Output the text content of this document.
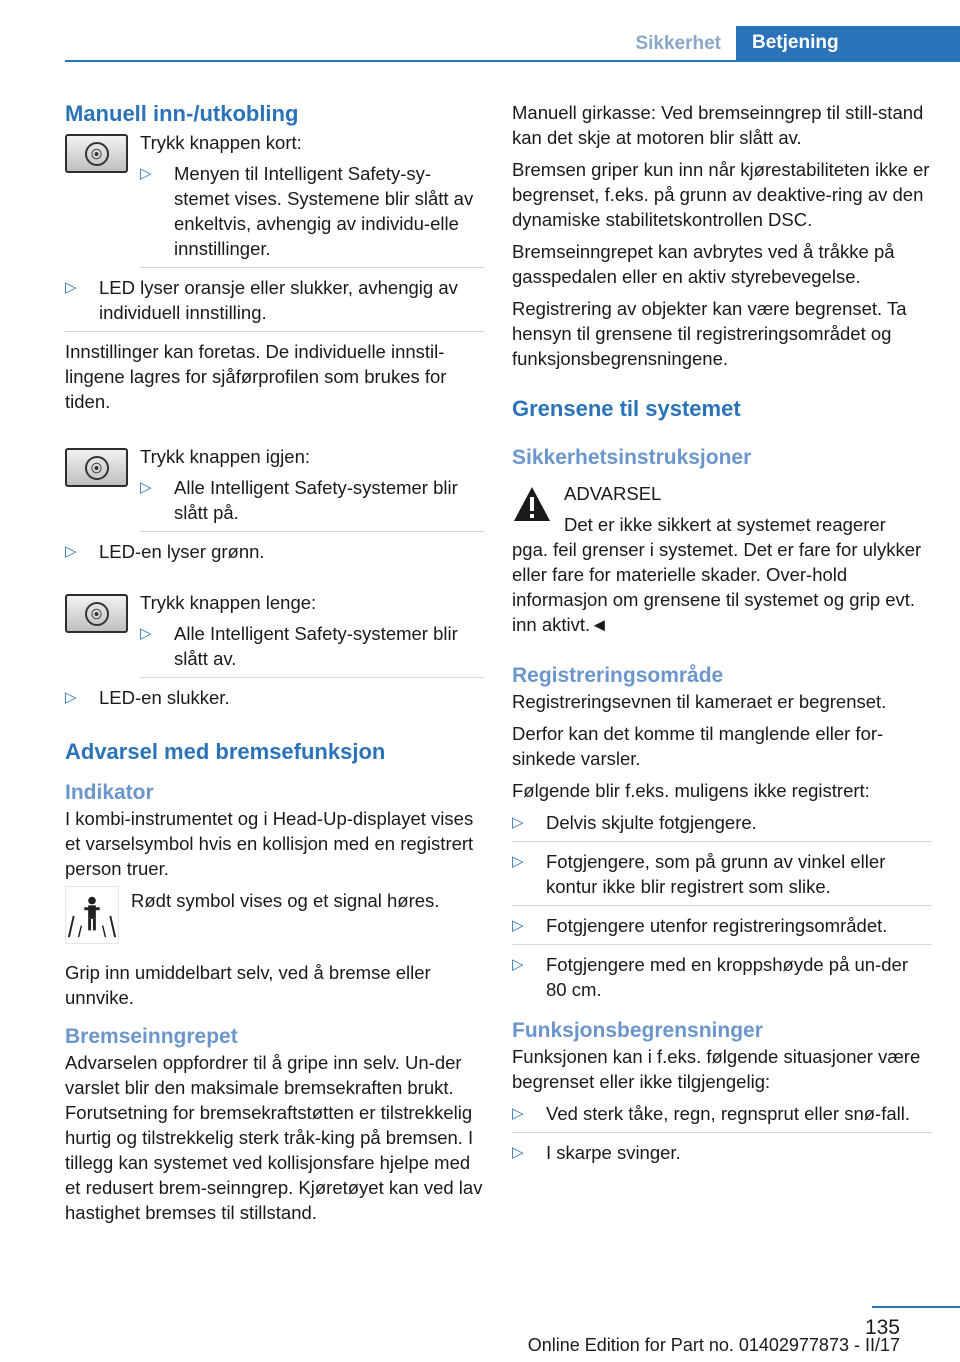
Sikkerhet	Betjening
Manuell inn-/utkobling
⦿
Trykk knappen kort:
▷	Menyen til Intelligent Safety-sy-stemet vises. Systemene blir slått av enkeltvis, avhengig av individu-elle innstillinger.
▷	LED lyser oransje eller slukker, avhengig av individuell innstilling.
Innstillinger kan foretas. De individuelle innstil-lingene lagres for sjåførprofilen som brukes for tiden.
⦿
Trykk knappen igjen:
▷	Alle Intelligent Safety-systemer blir slått på.
▷	LED-en lyser grønn.
⦿
Trykk knappen lenge:
▷	Alle Intelligent Safety-systemer blir slått av.
▷	LED-en slukker.
Advarsel med bremsefunksjon
Indikator
I kombi-instrumentet og i Head-Up-displayet vises et varselsymbol hvis en kollisjon med en registrert person truer.
Rødt symbol vises og et signal høres.
Grip inn umiddelbart selv, ved å bremse eller unnvike.
Bremseinngrepet
Advarselen oppfordrer til å gripe inn selv. Un-der varslet blir den maksimale bremsekraften brukt. Forutsetning for bremsekraftstøtten er tilstrekkelig hurtig og tilstrekkelig sterk tråk-king på bremsen. I tillegg kan systemet ved kollisjonsfare hjelpe med et redusert brem-seinngrep. Kjøretøyet kan ved lav hastighet bremses til stillstand.
Manuell girkasse: Ved bremseinngrep til still-stand kan det skje at motoren blir slått av.
Bremsen griper kun inn når kjørestabiliteten ikke er begrenset, f.eks. på grunn av deaktive-ring av den dynamiske stabilitetskontrollen DSC.
Bremseinngrepet kan avbrytes ved å tråkke på gasspedalen eller en aktiv styrebevegelse.
Registrering av objekter kan være begrenset. Ta hensyn til grensene til registreringsområdet og funksjonsbegrensningene.
Grensene til systemet
Sikkerhetsinstruksjoner
ADVARSEL
Det er ikke sikkert at systemet reagerer
pga. feil grenser i systemet. Det er fare for ulykker eller fare for materielle skader. Over-hold informasjon om grensene til systemet og grip evt. inn aktivt.◄
Registreringsområde
Registreringsevnen til kameraet er begrenset.
Derfor kan det komme til manglende eller for-sinkede varsler.
Følgende blir f.eks. muligens ikke registrert:
▷	Delvis skjulte fotgjengere.
▷	Fotgjengere, som på grunn av vinkel eller kontur ikke blir registrert som slike.
▷	Fotgjengere utenfor registreringsområdet.
▷	Fotgjengere med en kroppshøyde på un-der 80 cm.
Funksjonsbegrensninger
Funksjonen kan i f.eks. følgende situasjoner være begrenset eller ikke tilgjengelig:
▷	Ved sterk tåke, regn, regnsprut eller snø-fall.
▷	I skarpe svinger.
135
Online Edition for Part no. 01402977873 - II/17
